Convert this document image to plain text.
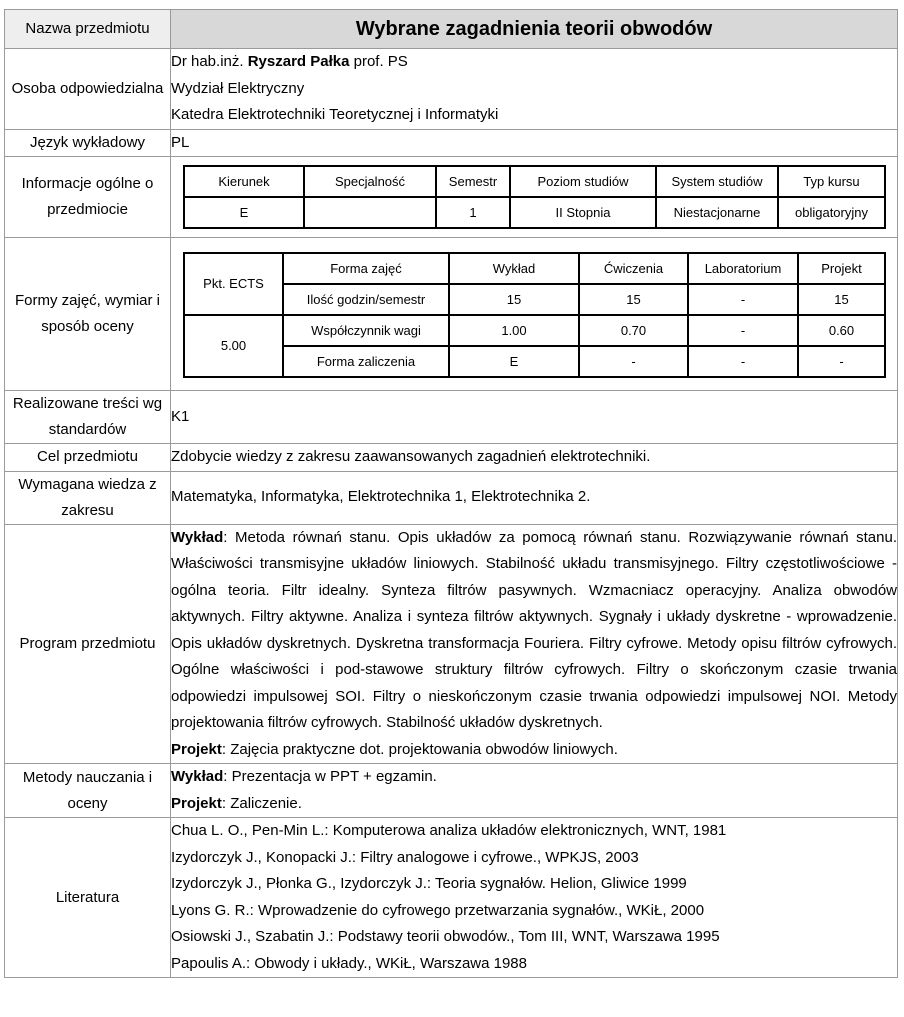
Nazwa przedmiotu	Wybrane zagadnienia teorii obwodów
Osoba odpowiedzialna	
Dr hab.inż. Ryszard Pałka prof. PS
Wydział Elektryczny
Katedra Elektrotechniki Teoretycznej i Informatyki

Język wykładowy	PL
Informacje ogólne o przedmiocie	
Kierunek	Specjalność	Semestr	Poziom studiów	System studiów	Typ kursu
E		1	II Stopnia	Niestacjonarne	obligatoryjny

Formy zajęć, wymiar i sposób oceny	
Pkt. ECTS	Forma zajęć	Wykład	Ćwiczenia	Laboratorium	Projekt
Ilość godzin/semestr	15	15	-	15
5.00	Współczynnik wagi	1.00	0.70	-	0.60
Forma zaliczenia	E	-	-	-

Realizowane treści wg standardów	K1
Cel przedmiotu	Zdobycie wiedzy z zakresu zaawansowanych zagadnień elektrotechniki.
Wymagana wiedza z zakresu	Matematyka, Informatyka, Elektrotechnika 1, Elektrotechnika 2.
Program przedmiotu	
Wykład: Metoda równań stanu. Opis układów za pomocą równań stanu. Rozwiązywanie równań stanu. Właściwości transmisyjne układów liniowych. Stabilność układu transmisyjnego. Filtry częstotliwościowe - ogólna teoria. Filtr idealny. Synteza filtrów pasywnych. Wzmacniacz operacyjny. Analiza obwodów aktywnych. Filtry aktywne. Analiza i synteza filtrów aktywnych. Sygnały i układy dyskretne - wprowadzenie. Opis układów dyskretnych. Dyskretna transformacja Fouriera. Filtry cyfrowe. Metody opisu filtrów cyfrowych. Ogólne właściwości i pod-stawowe struktury filtrów cyfrowych. Filtry o skończonym czasie trwania odpowiedzi impulsowej SOI. Filtry o nieskończonym czasie trwania odpowiedzi impulsowej NOI. Metody projektowania filtrów cyfrowych. Stabilność układów dyskretnych.
Projekt: Zajęcia praktyczne dot. projektowania obwodów liniowych.

Metody nauczania i oceny	
Wykład: Prezentacja w PPT + egzamin.
Projekt: Zaliczenie.

Literatura	
Chua L. O., Pen-Min L.: Komputerowa analiza układów elektronicznych, WNT, 1981
Izydorczyk J., Konopacki J.: Filtry analogowe i cyfrowe., WPKJS, 2003
Izydorczyk J., Płonka G., Izydorczyk J.: Teoria sygnałów. Helion, Gliwice 1999
Lyons G. R.: Wprowadzenie do cyfrowego przetwarzania sygnałów., WKiŁ, 2000
Osiowski J., Szabatin J.: Podstawy teorii obwodów., Tom III, WNT, Warszawa 1995
Papoulis A.: Obwody i układy., WKiŁ, Warszawa 1988
